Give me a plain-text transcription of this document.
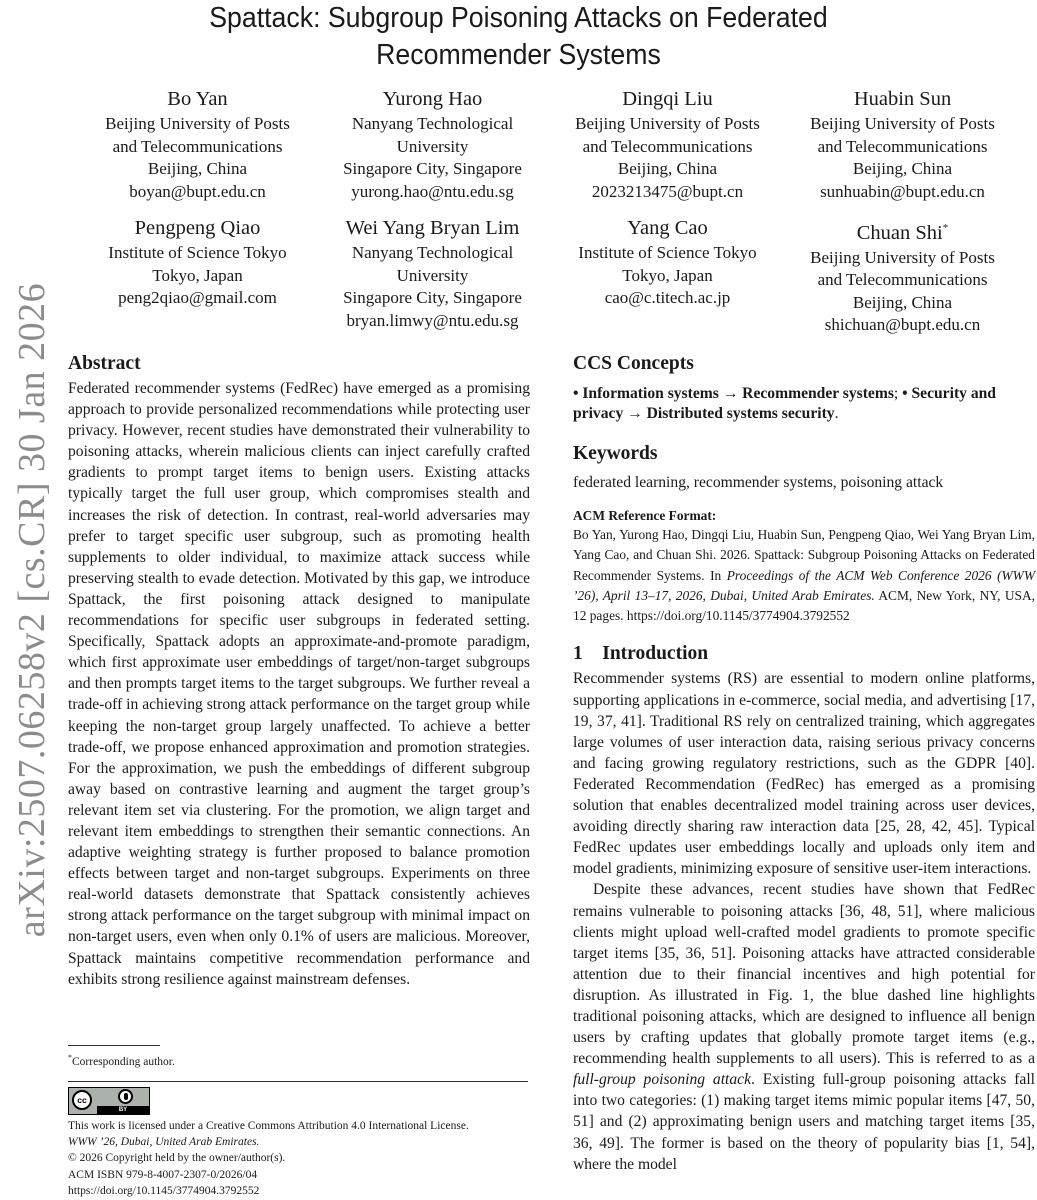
Spattack: Subgroup Poisoning Attacks on Federated
Recommender Systems
Bo Yan
Beijing University of Posts
and Telecommunications
Beijing, China
boyan@bupt.edu.cn
Yurong Hao
Nanyang Technological
University
Singapore City, Singapore
yurong.hao@ntu.edu.sg
Dingqi Liu
Beijing University of Posts
and Telecommunications
Beijing, China
2023213475@bupt.cn
Huabin Sun
Beijing University of Posts
and Telecommunications
Beijing, China
sunhuabin@bupt.edu.cn
Pengpeng Qiao
Institute of Science Tokyo
Tokyo, Japan
peng2qiao@gmail.com
Wei Yang Bryan Lim
Nanyang Technological
University
Singapore City, Singapore
bryan.limwy@ntu.edu.sg
Yang Cao
Institute of Science Tokyo
Tokyo, Japan
cao@c.titech.ac.jp
Chuan Shi*
Beijing University of Posts
and Telecommunications
Beijing, China
shichuan@bupt.edu.cn
arXiv:2507.06258v2 [cs.CR] 30 Jan 2026 Abstract

Federated recommender systems (FedRec) have emerged as a promising approach to provide personalized recommendations while protecting user privacy. However, recent studies have demonstrated their vulnerability to poisoning attacks, wherein malicious clients can inject carefully crafted gradients to prompt target items to benign users. Existing attacks typically target the full user group, which compromises stealth and increases the risk of detection. In contrast, real-world adversaries may prefer to target specific user subgroup, such as promoting health supplements to older individual, to maximize attack success while preserving stealth to evade detection. Motivated by this gap, we introduce Spattack, the first poisoning attack designed to manipulate recommendations for specific user subgroups in federated setting. Specifically, Spattack adopts an approximate-and-promote paradigm, which first approximate user embeddings of target/non-target subgroups and then prompts target items to the target subgroups. We further reveal a trade-off in achieving strong attack performance on the target group while keeping the non-target group largely unaffected. To achieve a better trade-off, we propose enhanced approximation and promotion strategies. For the approximation, we push the embeddings of different subgroup away based on contrastive learning and augment the target group’s relevant item set via clustering. For the promotion, we align target and relevant item embeddings to strengthen their semantic connections. An adaptive weighting strategy is further proposed to balance promotion effects between target and non-target subgroups. Experiments on three real-world datasets demonstrate that Spattack consistently achieves strong attack performance on the target subgroup with minimal impact on non-target users, even when only 0.1% of users are malicious. Moreover, Spattack maintains competitive recommendation performance and exhibits strong resilience against mainstream defenses.

*Corresponding author.
cc
BY
This work is licensed under a Creative Commons Attribution 4.0 International License.
WWW ’26, Dubai, United Arab Emirates.
© 2026 Copyright held by the owner/author(s).
ACM ISBN 979-8-4007-2307-0/2026/04
https://doi.org/10.1145/3774904.3792552
CCS Concepts

• Information systems → Recommender systems; • Security and privacy → Distributed systems security.

Keywords

federated learning, recommender systems, poisoning attack

ACM Reference Format:

Bo Yan, Yurong Hao, Dingqi Liu, Huabin Sun, Pengpeng Qiao, Wei Yang Bryan Lim, Yang Cao, and Chuan Shi. 2026. Spattack: Subgroup Poisoning Attacks on Federated Recommender Systems. In Proceedings of the ACM Web Conference 2026 (WWW ’26), April 13–17, 2026, Dubai, United Arab Emirates. ACM, New York, NY, USA, 12 pages. https://doi.org/10.1145/3774904.3792552

1    Introduction

Recommender systems (RS) are essential to modern online platforms, supporting applications in e-commerce, social media, and advertising [17, 19, 37, 41]. Traditional RS rely on centralized training, which aggregates large volumes of user interaction data, raising serious privacy concerns and facing growing regulatory restrictions, such as the GDPR [40]. Federated Recommendation (FedRec) has emerged as a promising solution that enables decentralized model training across user devices, avoiding directly sharing raw interaction data [25, 28, 42, 45]. Typical FedRec updates user embeddings locally and uploads only item and model gradients, minimizing exposure of sensitive user-item interactions.

Despite these advances, recent studies have shown that FedRec remains vulnerable to poisoning attacks [36, 48, 51], where malicious clients might upload well-crafted model gradients to promote specific target items [35, 36, 51]. Poisoning attacks have attracted considerable attention due to their financial incentives and high potential for disruption. As illustrated in Fig. 1, the blue dashed line highlights traditional poisoning attacks, which are designed to influence all benign users by crafting updates that globally promote target items (e.g., recommending health supplements to all users). This is referred to as a full-group poisoning attack. Existing full-group poisoning attacks fall into two categories: (1) making target items mimic popular items [47, 50, 51] and (2) approximating benign users and matching target items [35, 36, 49]. The former is based on the theory of popularity bias [1, 54], where the model
